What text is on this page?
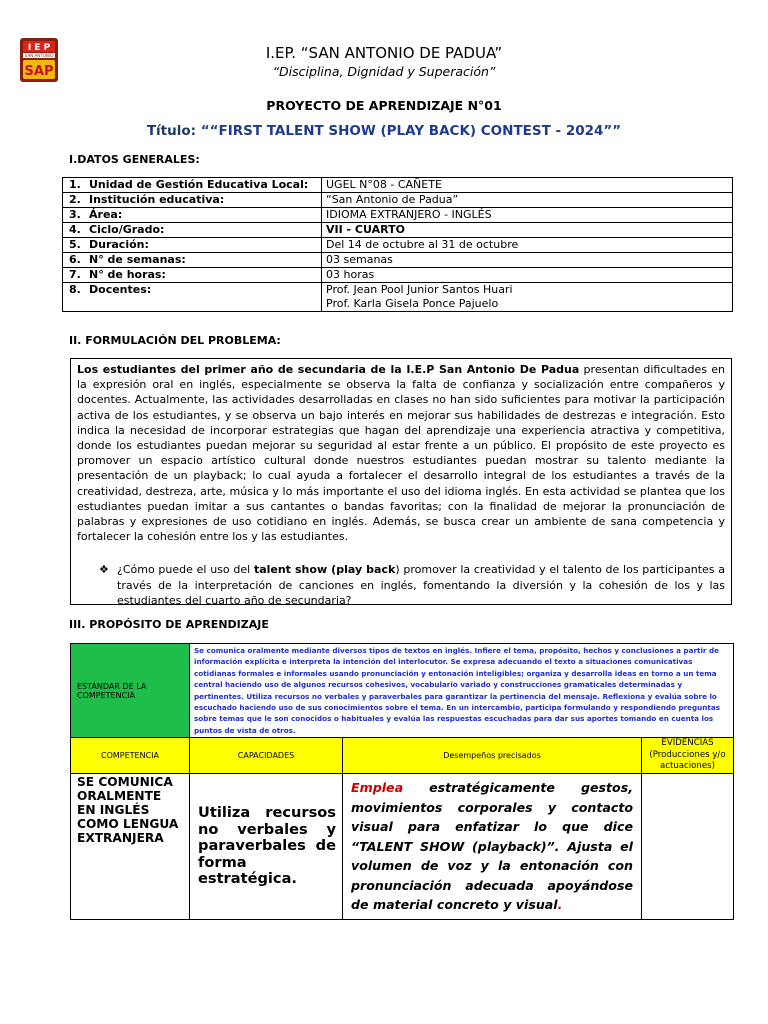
I E P
SAN ANTONIO
SAP
I.EP. “SAN ANTONIO DE PADUA”
“Disciplina, Dignidad y Superación”
PROYECTO DE APRENDIZAJE N°01
Título: ““FIRST TALENT SHOW (PLAY BACK) CONTEST - 2024””
I.DATOS GENERALES:
1. Unidad de Gestión Educativa Local:	UGEL N°08 - CAÑETE
2. Institución educativa:	“San Antonio de Padua”
3. Área:	IDIOMA EXTRANJERO - INGLÉS
4. Ciclo/Grado:	VII - CUARTO
5. Duración:	Del 14 de octubre al 31 de octubre
6. N° de semanas:	03 semanas
7. N° de horas:	03 horas
8. Docentes:	Prof. Jean Pool Junior Santos Huari
Prof. Karla Gisela Ponce Pajuelo
II. FORMULACIÓN DEL PROBLEMA:
Los estudiantes del primer año de secundaria de la I.E.P San Antonio De Padua presentan dificultades en la expresión oral en inglés, especialmente se observa la falta de confianza y socialización entre compañeros y docentes. Actualmente, las actividades desarrolladas en clases no han sido suficientes para motivar la participación activa de los estudiantes, y se observa un bajo interés en mejorar sus habilidades de destrezas e integración. Esto indica la necesidad de incorporar estrategias que hagan del aprendizaje una experiencia atractiva y competitiva, donde los estudiantes puedan mejorar su seguridad al estar frente a un público. El propósito de este proyecto es promover un espacio artístico cultural donde nuestros estudiantes puedan mostrar su talento mediante la presentación de un playback; lo cual ayuda a fortalecer el desarrollo integral de los estudiantes a través de la creatividad, destreza, arte, música y lo más importante el uso del idioma inglés. En esta actividad se plantea que los estudiantes puedan imitar a sus cantantes o bandas favoritas; con la finalidad de mejorar la pronunciación de palabras y expresiones de uso cotidiano en inglés. Además, se busca crear un ambiente de sana competencia y fortalecer la cohesión entre los y las estudiantes.
❖ ¿Cómo puede el uso del talent show (play back) promover la creatividad y el talento de los participantes a través de la interpretación de canciones en inglés, fomentando la diversión y la cohesión de los y las estudiantes del cuarto año de secundaria?
III. PROPÓSITO DE APRENDIZAJE
ESTÁNDAR DE LA COMPETENCIA	Se comunica oralmente mediante diversos tipos de textos en inglés. Infiere el tema, propósito, hechos y conclusiones a partir de información explícita e interpreta la intención del interlocutor. Se expresa adecuando el texto a situaciones comunicativas cotidianas formales e informales usando pronunciación y entonación inteligibles; organiza y desarrolla ideas en torno a un tema central haciendo uso de algunos recursos cohesivos, vocabulario variado y construcciones gramaticales determinadas y pertinentes. Utiliza recursos no verbales y paraverbales para garantizar la pertinencia del mensaje. Reflexiona y evalúa sobre lo escuchado haciendo uso de sus conocimientos sobre el tema. En un intercambio, participa formulando y respondiendo preguntas sobre temas que le son conocidos o habituales y evalúa las respuestas escuchadas para dar sus aportes tomando en cuenta los puntos de vista de otros.		
COMPETENCIA	CAPACIDADES	Desempeños precisados	EVIDENCIAS (Producciones y/o actuaciones)
SE COMUNICA ORALMENTE EN INGLÉS COMO LENGUA EXTRANJERA	Utiliza recursos no verbales y paraverbales de forma estratégica.	Emplea estratégicamente gestos, movimientos corporales y contacto visual para enfatizar lo que dice “TALENT SHOW (playback)”. Ajusta el volumen de voz y la entonación con pronunciación adecuada apoyándose de material concreto y visual.	
